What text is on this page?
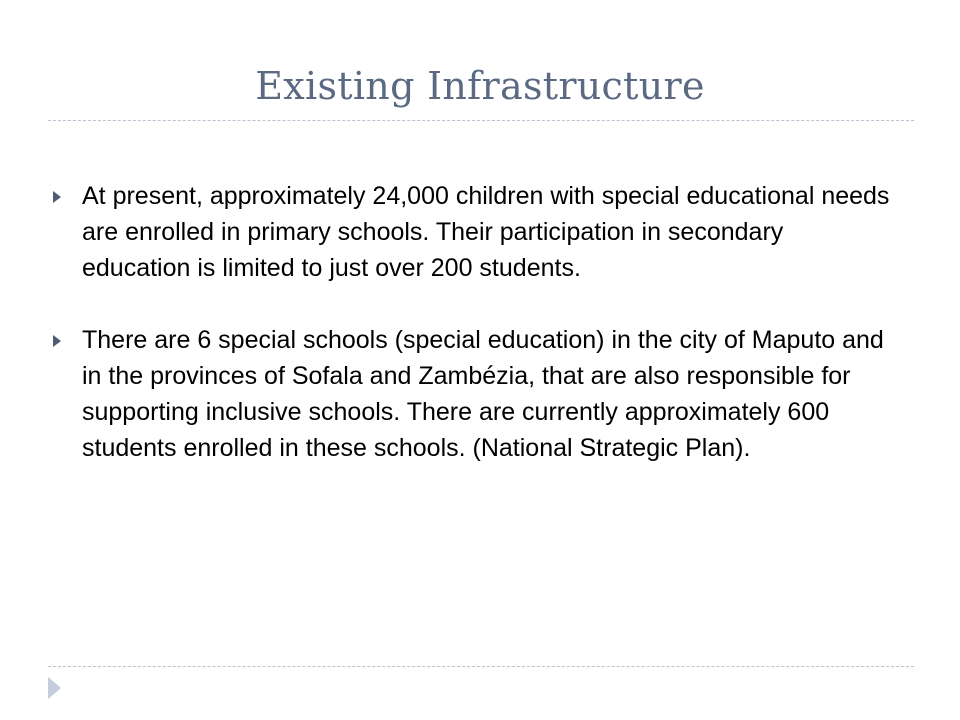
Existing Infrastructure
At present, approximately 24,000 children with special educational needs are enrolled in primary schools. Their participation in secondary education is limited to just over 200 students.
There are 6 special schools (special education) in the city of Maputo and in the provinces of Sofala and Zambézia, that are also responsible for supporting inclusive schools. There are currently approximately 600 students enrolled in these schools. (National Strategic Plan).
